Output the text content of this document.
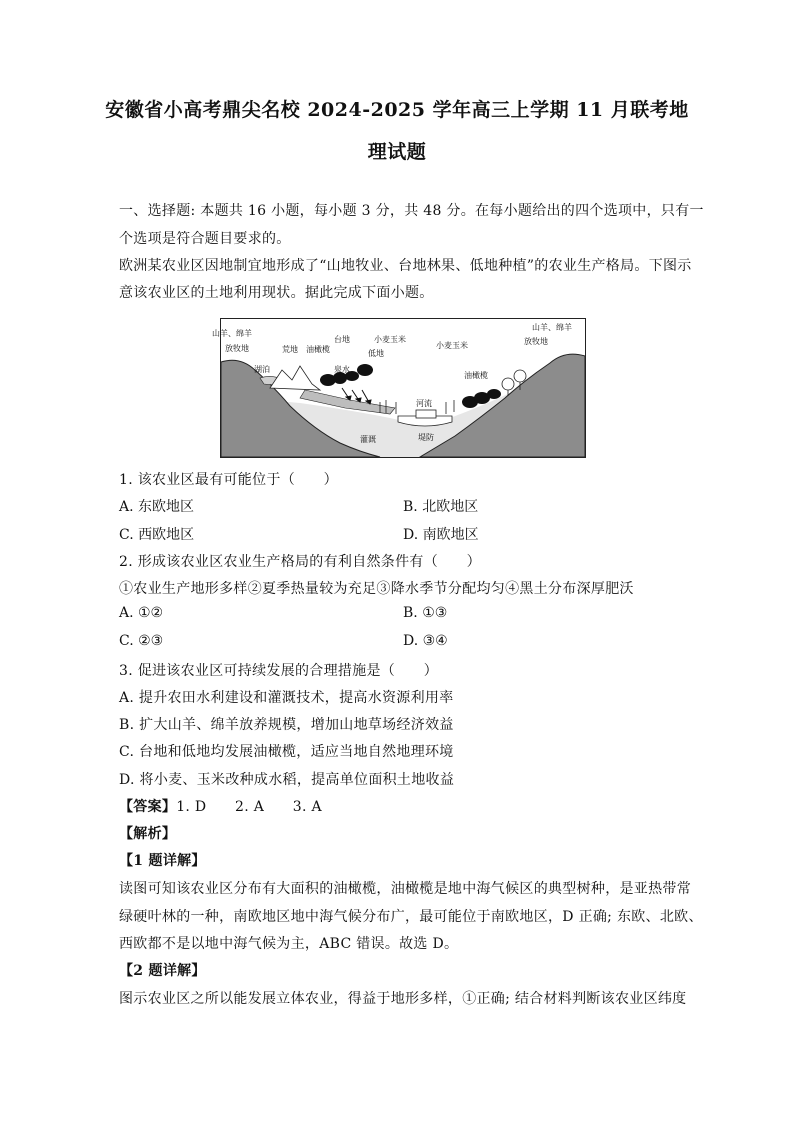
安徽省小高考鼎尖名校 2024-2025 学年高三上学期 11 月联考地
理试题
一、选择题: 本题共 16 小题，每小题 3 分，共 48 分。在每小题给出的四个选项中，只有一
个选项是符合题目要求的。
欧洲某农业区因地制宜地形成了“山地牧业、台地林果、低地种植”的农业生产格局。下图示
意该农业区的土地利用现状。据此完成下面小题。
山羊、绵羊
放牧地
湖泊
荒地 油橄榄
台地
低地
泉水
小麦玉米
小麦玉米
河流
灌溉	堤防
油橄榄
山羊、绵羊
放牧地
1. 该农业区最有可能位于（　　）
A. 东欧地区	B. 北欧地区
C. 西欧地区	D. 南欧地区
2. 形成该农业区农业生产格局的有利自然条件有（　　）
①农业生产地形多样②夏季热量较为充足③降水季节分配均匀④黑土分布深厚肥沃
A. ①②	B. ①③
C. ②③	D. ③④
3. 促进该农业区可持续发展的合理措施是（　　）
A. 提升农田水利建设和灌溉技术，提高水资源利用率
B. 扩大山羊、绵羊放养规模，增加山地草场经济效益
C. 台地和低地均发展油橄榄，适应当地自然地理环境
D. 将小麦、玉米改种成水稻，提高单位面积土地收益
【答案】1. D　　2. A　　3. A
【解析】
【1 题详解】
读图可知该农业区分布有大面积的油橄榄，油橄榄是地中海气候区的典型树种，是亚热带常
绿硬叶林的一种，南欧地区地中海气候分布广，最可能位于南欧地区，D 正确; 东欧、北欧、
西欧都不是以地中海气候为主，ABC 错误。故选 D。
【2 题详解】
图示农业区之所以能发展立体农业，得益于地形多样，①正确; 结合材料判断该农业区纬度
